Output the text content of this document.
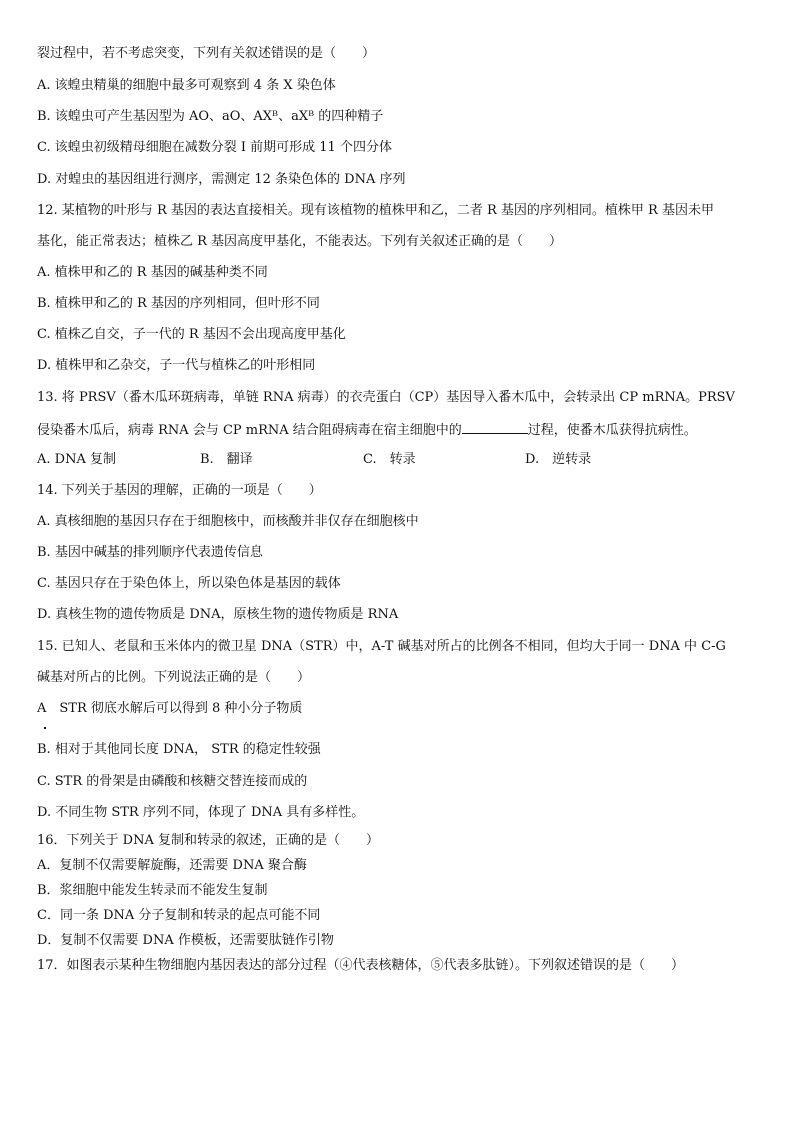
裂过程中，若不考虑突变，下列有关叙述错误的是（　　）
A. 该蝗虫精巢的细胞中最多可观察到 4 条 X 染色体
B. 该蝗虫可产生基因型为 AO、aO、AXᴮ、aXᴮ 的四种精子
C. 该蝗虫初级精母细胞在减数分裂 I 前期可形成 11 个四分体
D. 对蝗虫的基因组进行测序，需测定 12 条染色体的 DNA 序列
12. 某植物的叶形与 R 基因的表达直接相关。现有该植物的植株甲和乙，二者 R 基因的序列相同。植株甲 R 基因未甲
基化，能正常表达；植株乙 R 基因高度甲基化，不能表达。下列有关叙述正确的是（　　）
A. 植株甲和乙的 R 基因的碱基种类不同
B. 植株甲和乙的 R 基因的序列相同，但叶形不同
C. 植株乙自交，子一代的 R 基因不会出现高度甲基化
D. 植株甲和乙杂交，子一代与植株乙的叶形相同
13. 将 PRSV（番木瓜环斑病毒，单链 RNA 病毒）的衣壳蛋白（CP）基因导入番木瓜中，会转录出 CP mRNA。PRSV
侵染番木瓜后，病毒 RNA 会与 CP mRNA 结合阻碍病毒在宿主细胞中的	过程，使番木瓜获得抗病性。
A. DNA 复制	B.　翻译	C.　转录	D.　逆转录
14. 下列关于基因的理解，正确的一项是（　　）
A. 真核细胞的基因只存在于细胞核中，而核酸并非仅存在细胞核中
B. 基因中碱基的排列顺序代表遗传信息
C. 基因只存在于染色体上，所以染色体是基因的载体
D. 真核生物的遗传物质是 DNA，原核生物的遗传物质是 RNA
15. 已知人、老鼠和玉米体内的微卫星 DNA（STR）中，A-T 碱基对所占的比例各不相同，但均大于同一 DNA 中 C-G
碱基对所占的比例。下列说法正确的是（　　）
A　STR 彻底水解后可以得到 8 种小分子物质
B. 相对于其他同长度 DNA， STR 的稳定性较强
C. STR 的骨架是由磷酸和核糖交替连接而成的
D. 不同生物 STR 序列不同，体现了 DNA 具有多样性。
16．下列关于 DNA 复制和转录的叙述，正确的是（　　）
A．复制不仅需要解旋酶，还需要 DNA 聚合酶
B．浆细胞中能发生转录而不能发生复制
C．同一条 DNA 分子复制和转录的起点可能不同
D．复制不仅需要 DNA 作模板，还需要肽链作引物
17．如图表示某种生物细胞内基因表达的部分过程（④代表核糖体，⑤代表多肽链）。下列叙述错误的是（　　）
